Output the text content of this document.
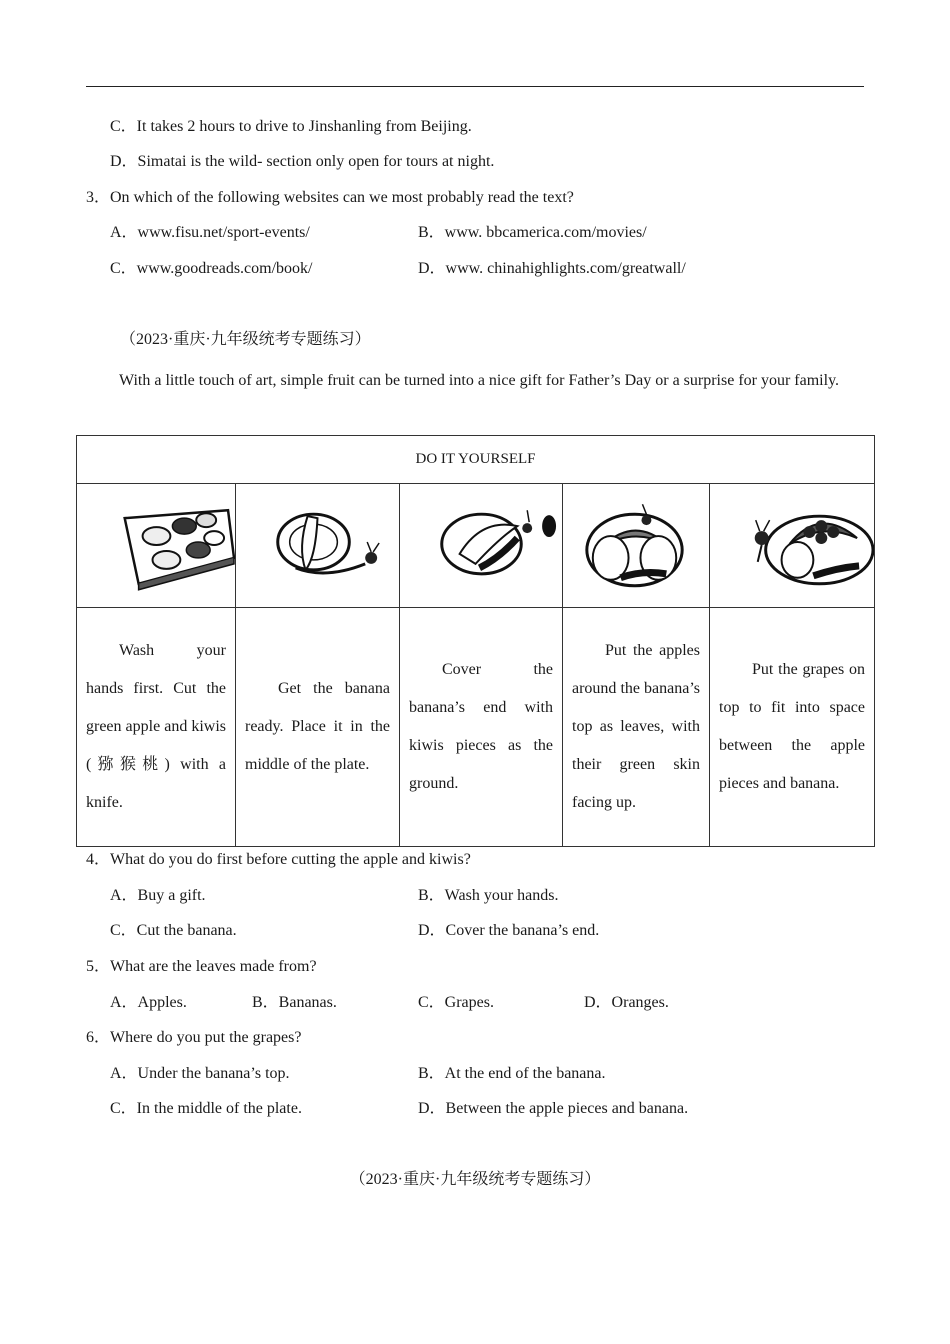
C．It takes 2 hours to drive to Jinshanling from Beijing.
D．Simatai is the wild- section only open for tours at night.
3．On which of the following websites can we most probably read the text?
A．www.fisu.net/sport-events/	B．www. bbcamerica.com/movies/
C．www.goodreads.com/book/	D．www. chinahighlights.com/greatwall/
（2023·重庆·九年级统考专题练习）

With a little touch of art, simple fruit can be turned into a nice gift for Father’s Day or a surprise for your family.

DO IT YOURSELF				

Wash your hands first. Cut the green apple and kiwis (猕猴桃) with a knife.	Get the banana ready. Place it in the middle of the plate.	Cover the banana’s end with kiwis pieces as the ground.	Put the apples around the banana’s top as leaves, with their green skin facing up.	Put the grapes on top to fit into space between the apple pieces and banana.
4．What do you do first before cutting the apple and kiwis?
A．Buy a gift.	B．Wash your hands.
C．Cut the banana.	D．Cover the banana’s end.
5．What are the leaves made from?
A．Apples.	B．Bananas.	C．Grapes.	D．Oranges.
6．Where do you put the grapes?
A．Under the banana’s top.	B．At the end of the banana.
C．In the middle of the plate.	D．Between the apple pieces and banana.
（2023·重庆·九年级统考专题练习）
